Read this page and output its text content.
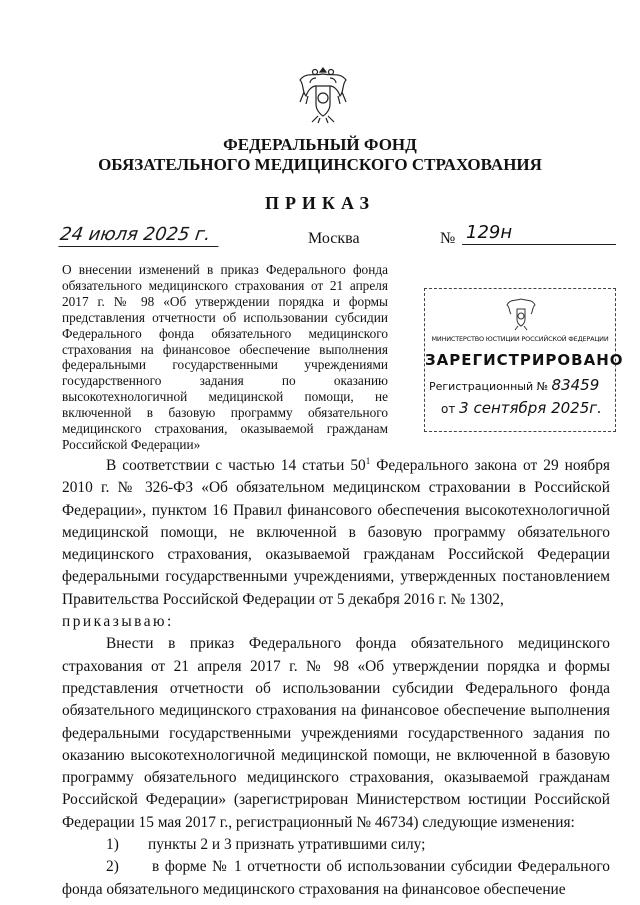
ФЕДЕРАЛЬНЫЙ ФОНД
ОБЯЗАТЕЛЬНОГО МЕДИЦИНСКОГО СТРАХОВАНИЯ
ПРИКАЗ
24 июля 2025 г.	Москва	№ 129н
О внесении изменений в приказ Федерального фонда обязательного медицинского страхования от 21 апреля 2017 г. № 98 «Об утверждении порядка и формы представления отчетности об использовании субсидии Федерального фонда обязательного медицинского страхования на финансовое обеспечение выполнения федеральными государственными учреждениями государственного задания по оказанию высокотехнологичной медицинской помощи, не включенной в базовую программу обязательного медицинского страхования, оказываемой гражданам Российской Федерации»
МИНИСТЕРСТВО ЮСТИЦИИ РОССИЙСКОЙ ФЕДЕРАЦИИ
ЗАРЕГИСТРИРОВАНО
Регистрационный № 83459
от 3 сентября 2025г.

В соответствии с частью 14 статьи $50^1$ Федерального закона от 29 ноября 2010 г. № 326-ФЗ «Об обязательном медицинском страховании в Российской Федерации», пунктом 16 Правил финансового обеспечения высокотехнологичной медицинской помощи, не включенной в базовую программу обязательного медицинского страхования, оказываемой гражданам Российской Федерации федеральными государственными учреждениями, утвержденных постановлением Правительства Российской Федерации от 5 декабря 2016 г. № 1302,

приказываю:

Внести в приказ Федерального фонда обязательного медицинского страхования от 21 апреля 2017 г. № 98 «Об утверждении порядка и формы представления отчетности об использовании субсидии Федерального фонда обязательного медицинского страхования на финансовое обеспечение выполнения федеральными государственными учреждениями государственного задания по оказанию высокотехнологичной медицинской помощи, не включенной в базовую программу обязательного медицинского страхования, оказываемой гражданам Российской Федерации» (зарегистрирован Министерством юстиции Российской Федерации 15 мая 2017 г., регистрационный № 46734) следующие изменения:

1)	пункты 2 и 3 признать утратившими силу;

2) в форме № 1 отчетности об использовании субсидии Федерального фонда обязательного медицинского страхования на финансовое обеспечение
